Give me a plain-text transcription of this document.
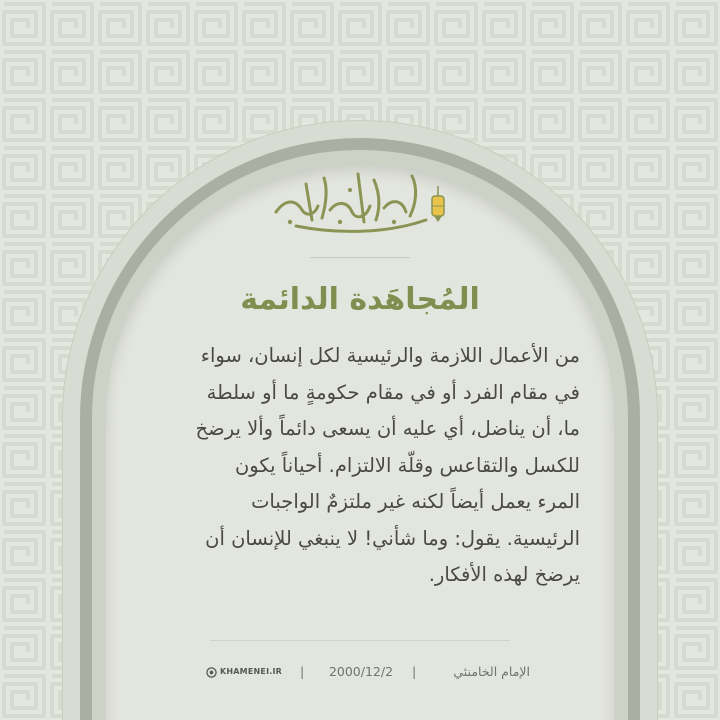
المُجاهَدة الدائمة
من الأعمال اللازمة والرئيسية لكل إنسان، سواء
في مقام الفرد أو في مقام حكومةٍ ما أو سلطة
ما، أن يناضل، أي عليه أن يسعى دائماً وألا يرضخ
للكسل والتقاعس وقلّة الالتزام. أحياناً يكون
المرء يعمل أيضاً لكنه غير ملتزمٌ الواجبات
الرئيسية. يقول: وما شأني! لا ينبغي للإنسان أن
يرضخ لهذه الأفكار.
الإمام الخامنئي
|
2000/12/2
|
KHAMENEI.IR
